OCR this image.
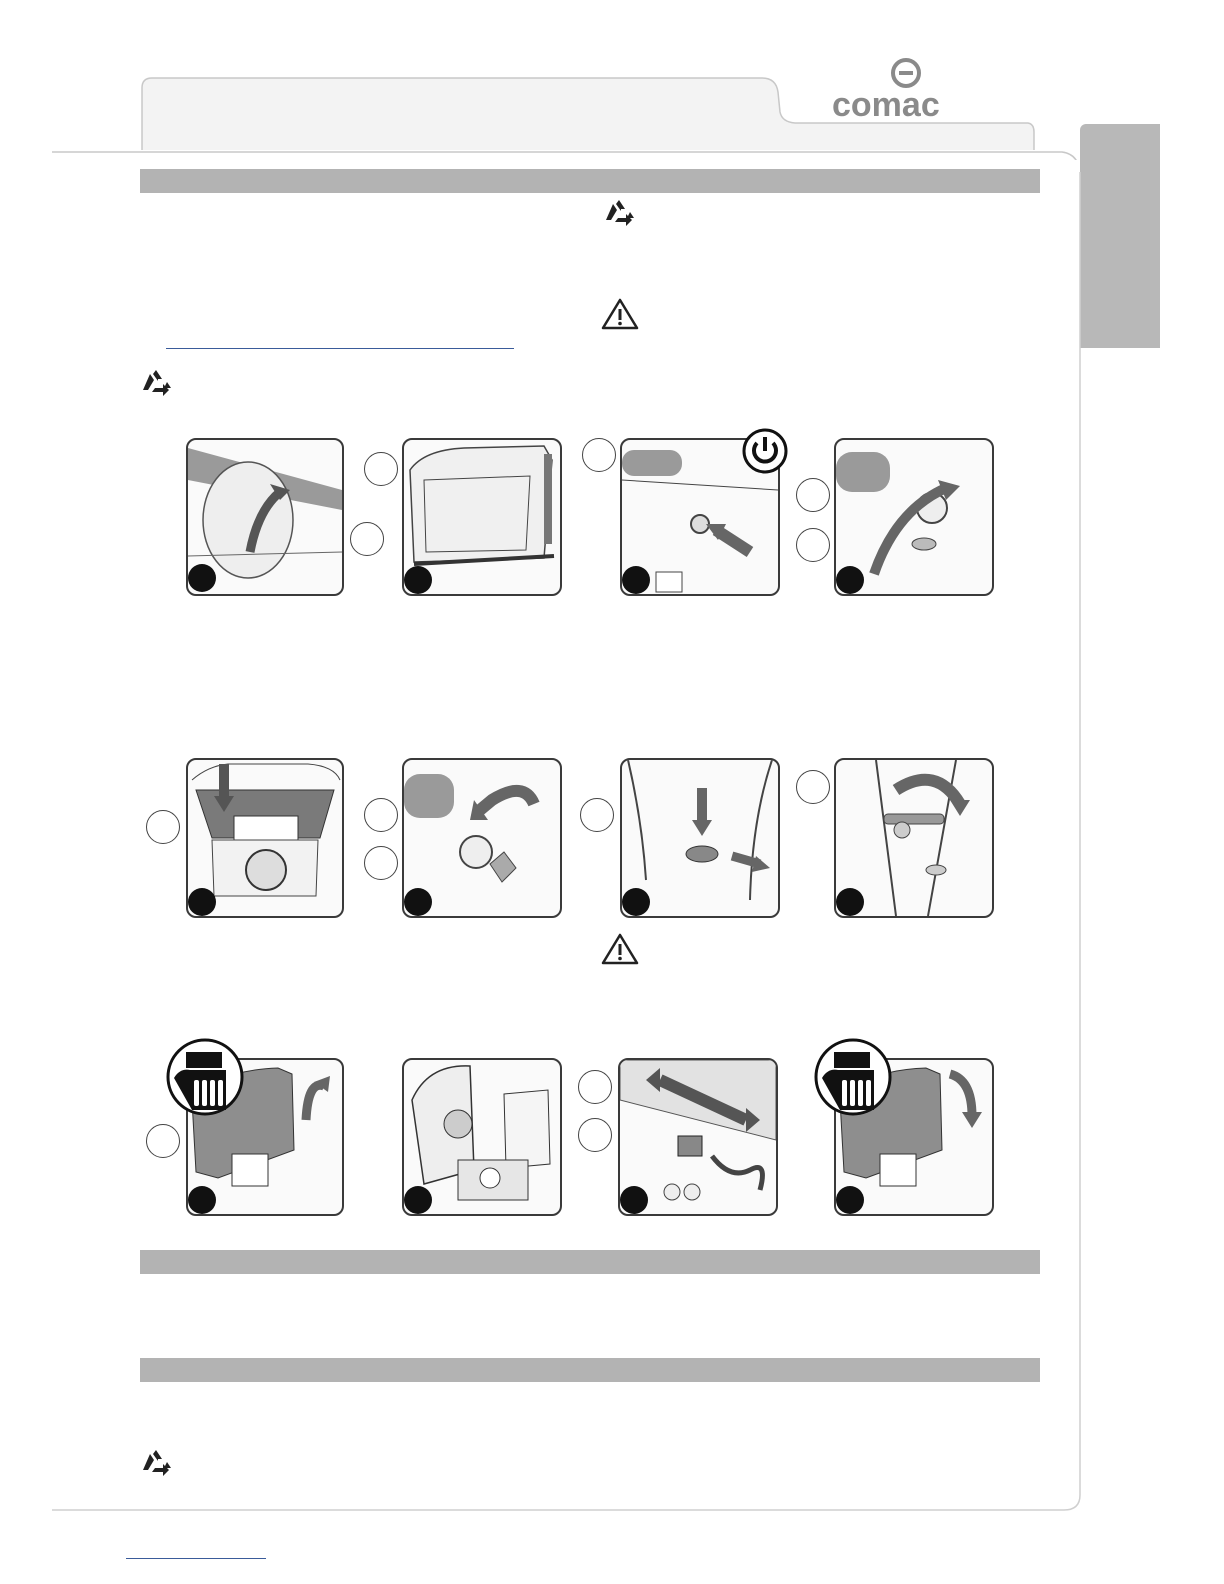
comac
